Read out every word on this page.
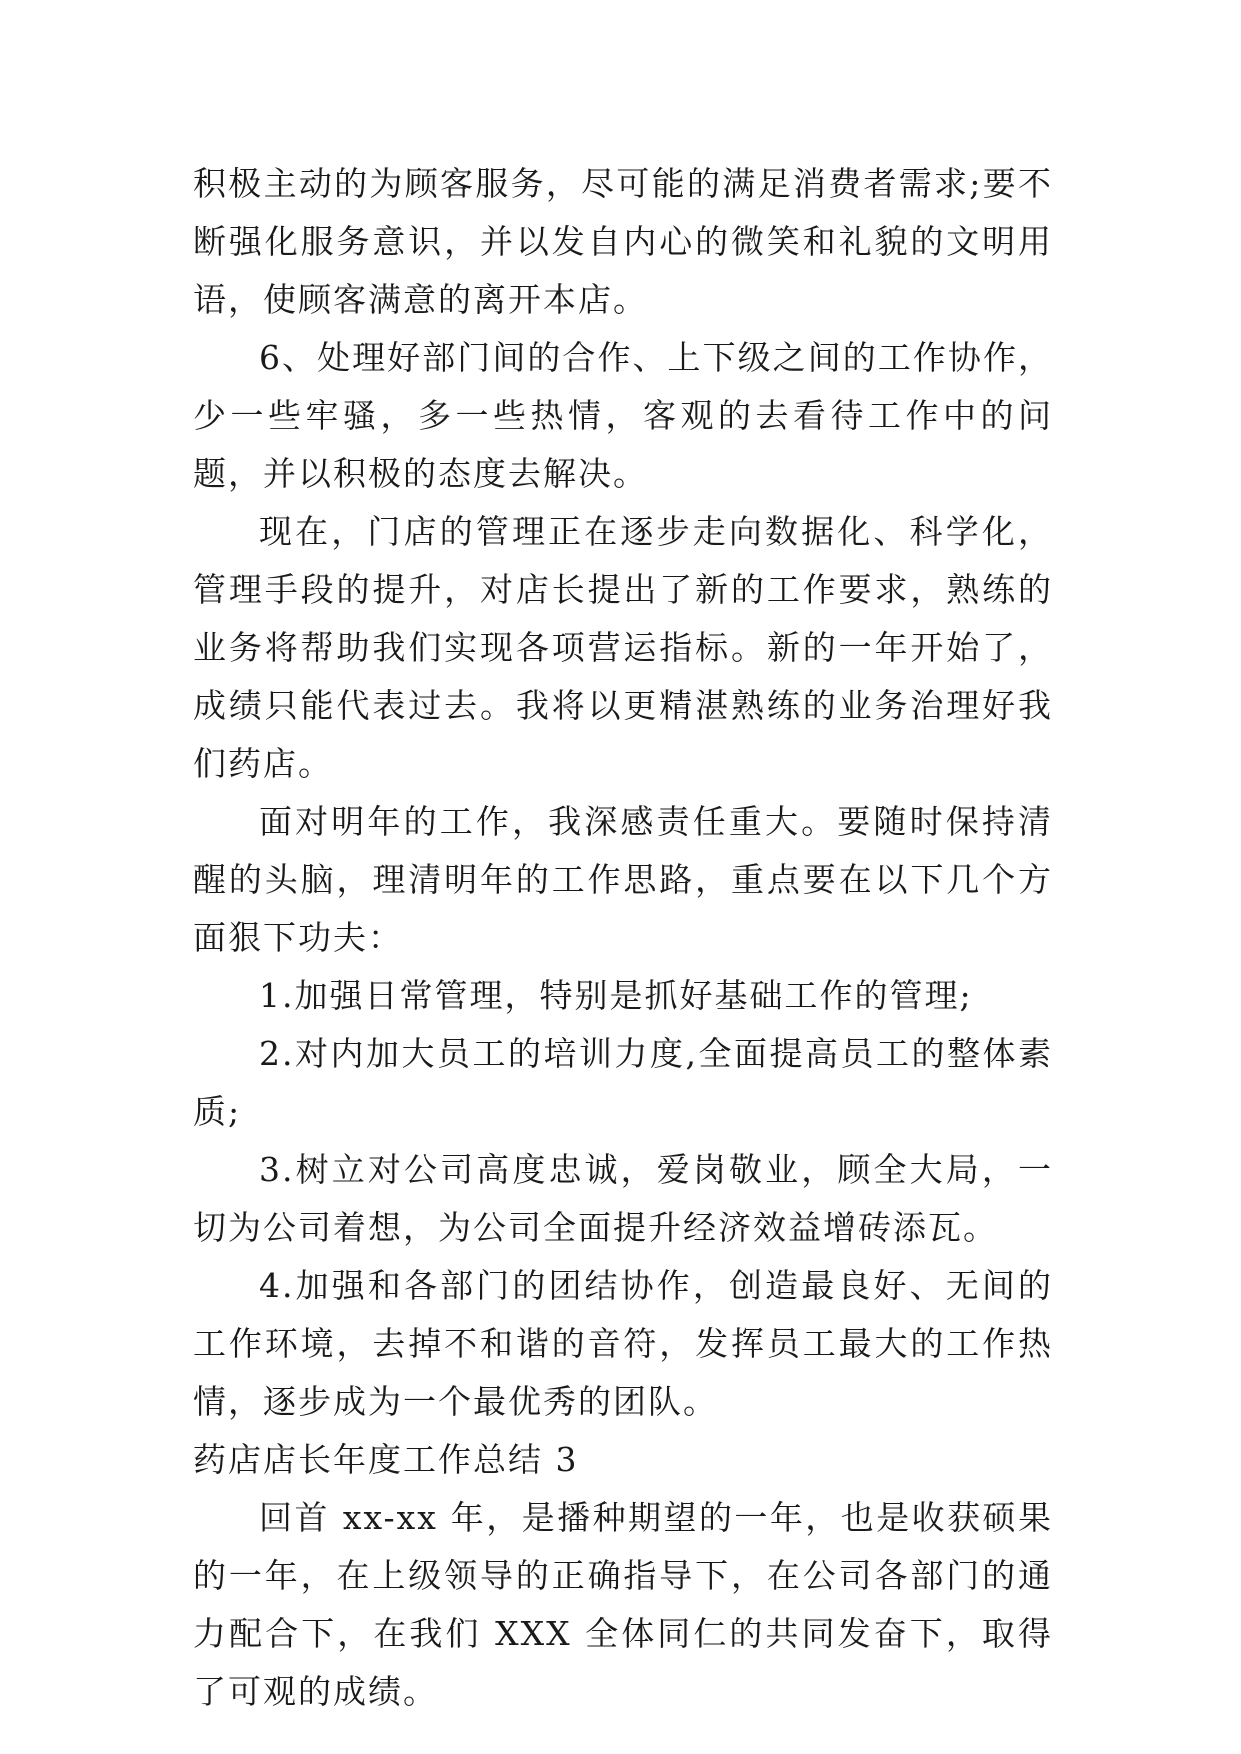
积极主动的为顾客服务，尽可能的满足消费者需求;要不断强化服务意识，并以发自内心的微笑和礼貌的文明用语，使顾客满意的离开本店。

6、处理好部门间的合作、上下级之间的工作协作，少一些牢骚，多一些热情，客观的去看待工作中的问题，并以积极的态度去解决。

现在，门店的管理正在逐步走向数据化、科学化，管理手段的提升，对店长提出了新的工作要求，熟练的业务将帮助我们实现各项营运指标。新的一年开始了，成绩只能代表过去。我将以更精湛熟练的业务治理好我们药店。

面对明年的工作，我深感责任重大。要随时保持清醒的头脑，理清明年的工作思路，重点要在以下几个方面狠下功夫：

1.加强日常管理，特别是抓好基础工作的管理;

2.对内加大员工的培训力度,全面提高员工的整体素质;

3.树立对公司高度忠诚，爱岗敬业，顾全大局，一切为公司着想，为公司全面提升经济效益增砖添瓦。

4.加强和各部门的团结协作，创造最良好、无间的工作环境，去掉不和谐的音符，发挥员工最大的工作热情，逐步成为一个最优秀的团队。

药店店长年度工作总结 3

回首 xx-xx 年，是播种期望的一年，也是收获硕果的一年，在上级领导的正确指导下，在公司各部门的通力配合下，在我们 XXX 全体同仁的共同发奋下，取得了可观的成绩。
